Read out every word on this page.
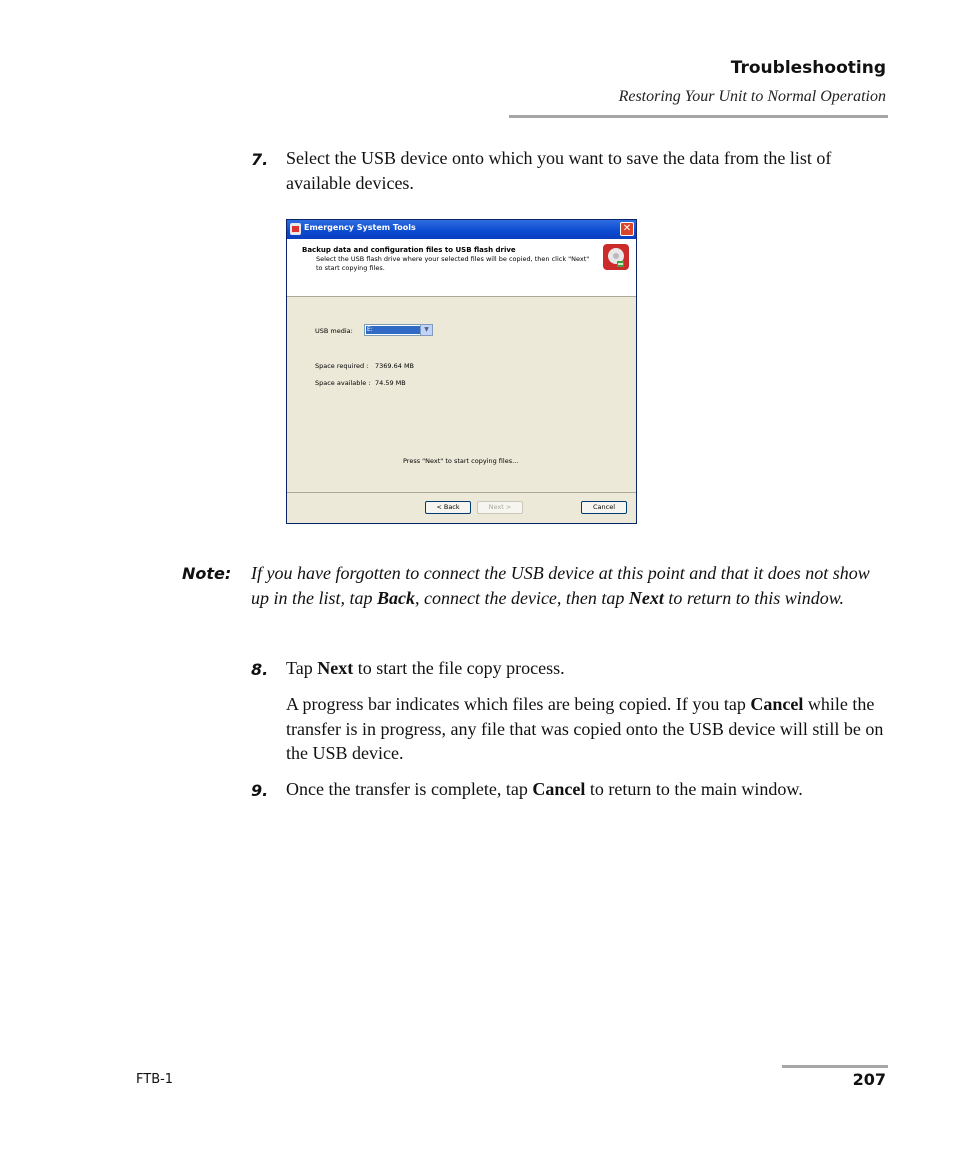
Troubleshooting
Restoring Your Unit to Normal Operation
7. Select the USB device onto which you want to save the data from the list of available devices.
Emergency System Tools	✕
Backup data and configuration files to USB flash drive
Select the USB flash drive where your selected files will be copied, then click "Next" to start copying files.
USB media: E:	▼
Space required : 7369.64 MB
Space available : 74.59 MB
Press "Next" to start copying files...
< Back	Next >	Cancel
Note: If you have forgotten to connect the USB device at this point and that it does not show up in the list, tap Back, connect the device, then tap Next to return to this window.
8. Tap Next to start the file copy process.
A progress bar indicates which files are being copied. If you tap Cancel while the transfer is in progress, any file that was copied onto the USB device will still be on the USB device.
9. Once the transfer is complete, tap Cancel to return to the main window.
FTB-1	207
